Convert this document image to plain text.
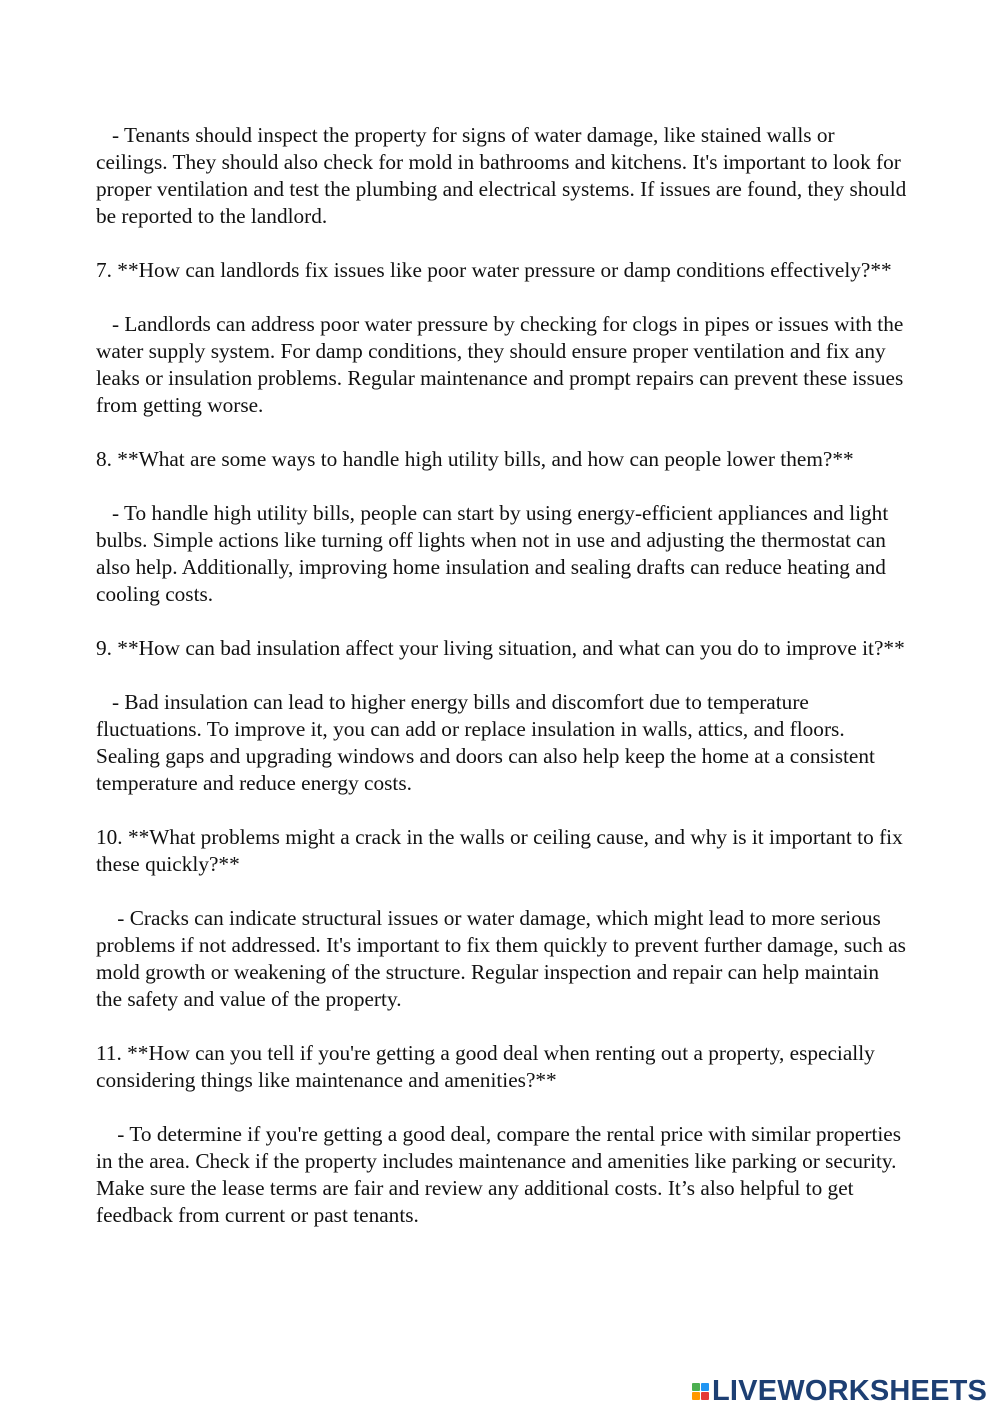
- Tenants should inspect the property for signs of water damage, like stained walls or ceilings. They should also check for mold in bathrooms and kitchens. It's important to look for proper ventilation and test the plumbing and electrical systems. If issues are found, they should be reported to the landlord.

7. **How can landlords fix issues like poor water pressure or damp conditions effectively?**

- Landlords can address poor water pressure by checking for clogs in pipes or issues with the water supply system. For damp conditions, they should ensure proper ventilation and fix any leaks or insulation problems. Regular maintenance and prompt repairs can prevent these issues from getting worse.

8. **What are some ways to handle high utility bills, and how can people lower them?**

- To handle high utility bills, people can start by using energy-efficient appliances and light bulbs. Simple actions like turning off lights when not in use and adjusting the thermostat can also help. Additionally, improving home insulation and sealing drafts can reduce heating and cooling costs.

9. **How can bad insulation affect your living situation, and what can you do to improve it?**

- Bad insulation can lead to higher energy bills and discomfort due to temperature fluctuations. To improve it, you can add or replace insulation in walls, attics, and floors. Sealing gaps and upgrading windows and doors can also help keep the home at a consistent temperature and reduce energy costs.

10. **What problems might a crack in the walls or ceiling cause, and why is it important to fix these quickly?**

- Cracks can indicate structural issues or water damage, which might lead to more serious problems if not addressed. It's important to fix them quickly to prevent further damage, such as mold growth or weakening of the structure. Regular inspection and repair can help maintain the safety and value of the property.

11. **How can you tell if you're getting a good deal when renting out a property, especially considering things like maintenance and amenities?**

- To determine if you're getting a good deal, compare the rental price with similar properties in the area. Check if the property includes maintenance and amenities like parking or security. Make sure the lease terms are fair and review any additional costs. It’s also helpful to get feedback from current or past tenants.

LIVEWORKSHEETS
